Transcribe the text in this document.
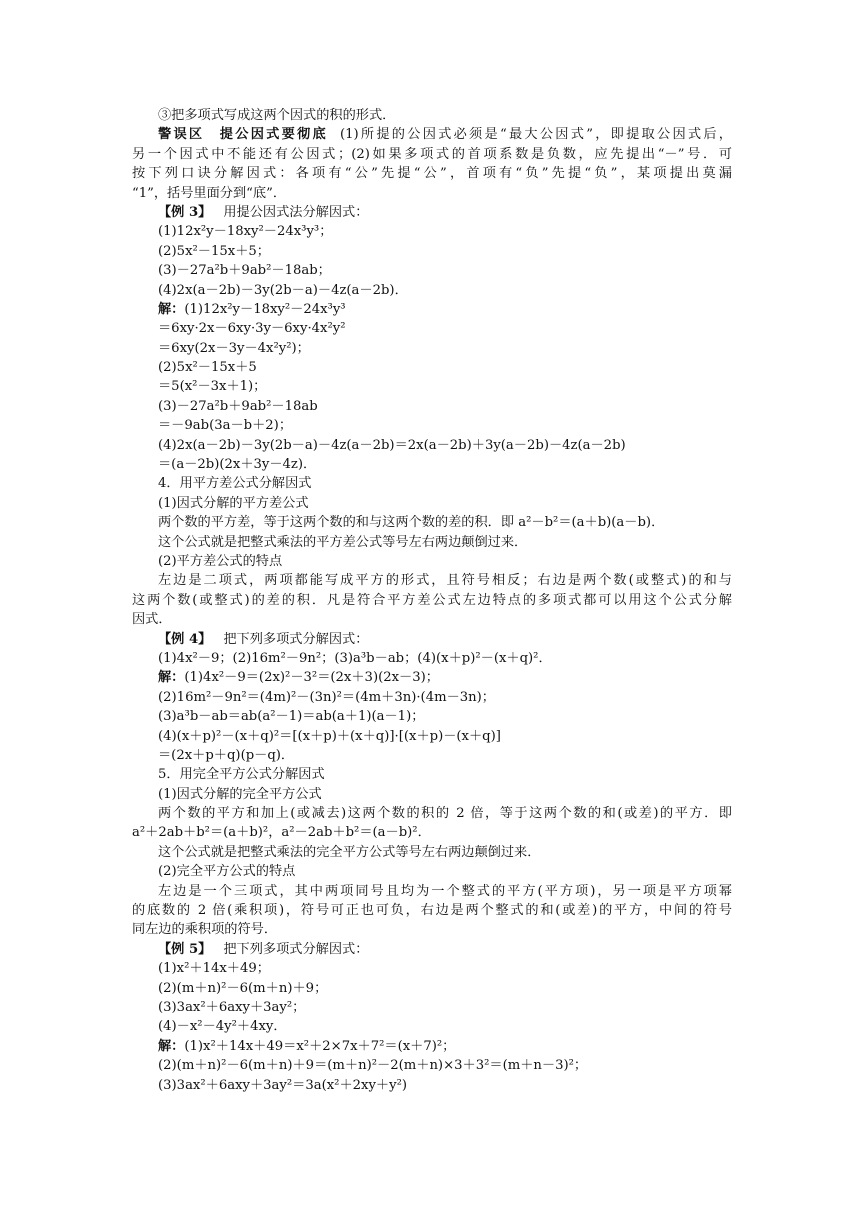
③把多项式写成这两个因式的积的形式．
警误区　提公因式要彻底 (1)所提的公因式必须是“最大公因式”，即提取公因式后，
另一个因式中不能还有公因式；(2)如果多项式的首项系数是负数，应先提出“－”号．可
按下列口诀分解因式：各项有“公”先提“公”，首项有“负”先提“负”，某项提出莫漏
“1”，括号里面分到“底”．
【例 3】 用提公因式法分解因式：
(1)12x²y－18xy²－24x³y³；
(2)5x²－15x＋5；
(3)－27a²b＋9ab²－18ab；
(4)2x(a－2b)－3y(2b－a)－4z(a－2b)．
解：(1)12x²y－18xy²－24x³y³
＝6xy·2x－6xy·3y－6xy·4x²y²
＝6xy(2x－3y－4x²y²)；
(2)5x²－15x＋5
＝5(x²－3x＋1)；
(3)－27a²b＋9ab²－18ab
＝－9ab(3a－b＋2)；
(4)2x(a－2b)－3y(2b－a)－4z(a－2b)＝2x(a－2b)＋3y(a－2b)－4z(a－2b)
＝(a－2b)(2x＋3y－4z)．
4．用平方差公式分解因式
(1)因式分解的平方差公式
两个数的平方差，等于这两个数的和与这两个数的差的积．即 a²－b²＝(a＋b)(a－b)．
这个公式就是把整式乘法的平方差公式等号左右两边颠倒过来．
(2)平方差公式的特点
左边是二项式，两项都能写成平方的形式，且符号相反；右边是两个数(或整式)的和与
这两个数(或整式)的差的积．凡是符合平方差公式左边特点的多项式都可以用这个公式分解
因式．
【例 4】 把下列多项式分解因式：
(1)4x²－9；(2)16m²－9n²；(3)a³b－ab；(4)(x＋p)²－(x＋q)²．
解：(1)4x²－9＝(2x)²－3²＝(2x＋3)(2x－3)；
(2)16m²－9n²＝(4m)²－(3n)²＝(4m＋3n)·(4m－3n)；
(3)a³b－ab＝ab(a²－1)＝ab(a＋1)(a－1)；
(4)(x＋p)²－(x＋q)²＝[(x＋p)＋(x＋q)]·[(x＋p)－(x＋q)]
＝(2x＋p＋q)(p－q)．
5．用完全平方公式分解因式
(1)因式分解的完全平方公式
两个数的平方和加上(或减去)这两个数的积的 2 倍，等于这两个数的和(或差)的平方．即
a²＋2ab＋b²＝(a＋b)²，a²－2ab＋b²＝(a－b)²．
这个公式就是把整式乘法的完全平方公式等号左右两边颠倒过来．
(2)完全平方公式的特点
左边是一个三项式，其中两项同号且均为一个整式的平方(平方项)，另一项是平方项幂
的底数的 2 倍(乘积项)，符号可正也可负，右边是两个整式的和(或差)的平方，中间的符号
同左边的乘积项的符号．
【例 5】 把下列多项式分解因式：
(1)x²＋14x＋49；
(2)(m＋n)²－6(m＋n)＋9；
(3)3ax²＋6axy＋3ay²；
(4)－x²－4y²＋4xy．
解：(1)x²＋14x＋49＝x²＋2×7x＋7²＝(x＋7)²；
(2)(m＋n)²－6(m＋n)＋9＝(m＋n)²－2(m＋n)×3＋3²＝(m＋n－3)²；
(3)3ax²＋6axy＋3ay²＝3a(x²＋2xy＋y²)
